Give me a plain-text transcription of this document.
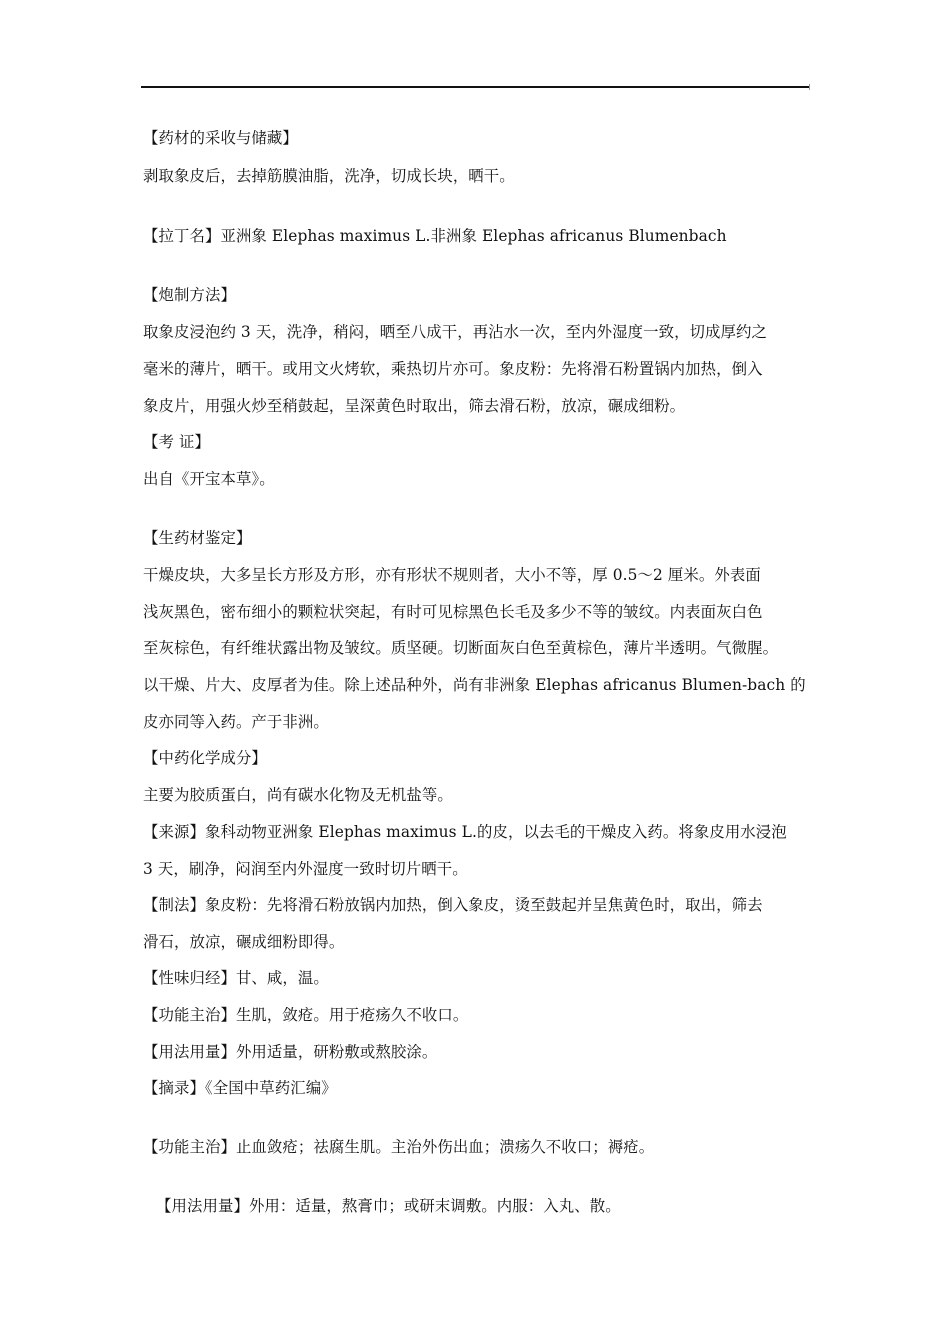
【药材的采收与储藏】

剥取象皮后，去掉筋膜油脂，洗净，切成长块，晒干。

【拉丁名】亚洲象 Elephas maximus L.非洲象 Elephas africanus Blumenbach

【炮制方法】

取象皮浸泡约 3 天，洗净，稍闷，晒至八成干，再沾水一次，至内外湿度一致，切成厚约之

毫米的薄片，晒干。或用文火烤软，乘热切片亦可。象皮粉：先将滑石粉置锅内加热，倒入

象皮片，用强火炒至稍鼓起，呈深黄色时取出，筛去滑石粉，放凉，碾成细粉。

【考 证】

出自《开宝本草》。

【生药材鉴定】

干燥皮块，大多呈长方形及方形，亦有形状不规则者，大小不等，厚 0.5～2 厘米。外表面

浅灰黑色，密布细小的颗粒状突起，有时可见棕黑色长毛及多少不等的皱纹。内表面灰白色

至灰棕色，有纤维状露出物及皱纹。质坚硬。切断面灰白色至黄棕色，薄片半透明。气微腥。

以干燥、片大、皮厚者为佳。除上述品种外，尚有非洲象 Elephas africanus Blumen-bach 的

皮亦同等入药。产于非洲。

【中药化学成分】

主要为胶质蛋白，尚有碳水化物及无机盐等。

【来源】象科动物亚洲象 Elephas maximus L.的皮，以去毛的干燥皮入药。将象皮用水浸泡

3 天，刷净，闷润至内外湿度一致时切片晒干。

【制法】象皮粉：先将滑石粉放锅内加热，倒入象皮，烫至鼓起并呈焦黄色时，取出，筛去

滑石，放凉，碾成细粉即得。

【性味归经】甘、咸，温。

【功能主治】生肌，敛疮。用于疮疡久不收口。

【用法用量】外用适量，研粉敷或熬胶涂。

【摘录】《全国中草药汇编》

【功能主治】止血敛疮；祛腐生肌。主治外伤出血；溃疡久不收口；褥疮。

【用法用量】外用：适量，熬膏巾；或研末调敷。内服：入丸、散。
